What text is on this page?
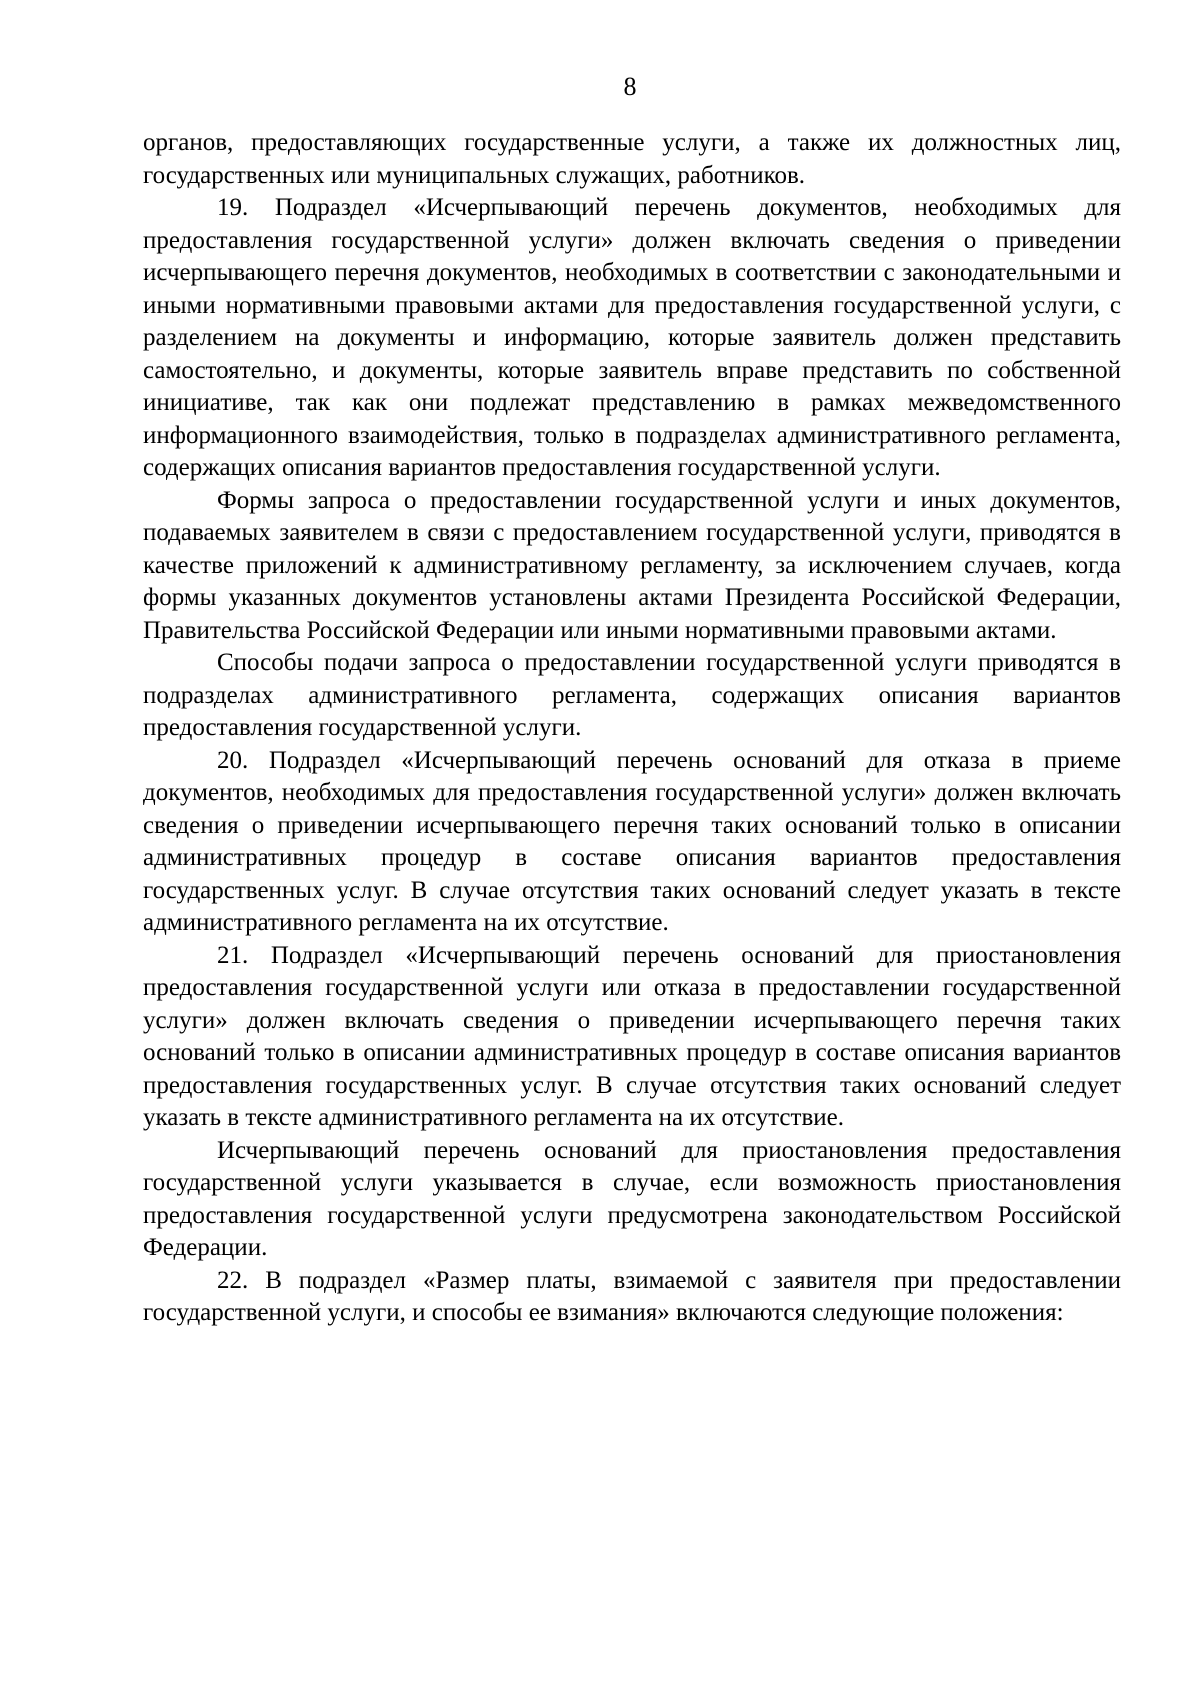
8

органов, предоставляющих государственные услуги, а также их должностных лиц, государственных или муниципальных служащих, работников.

19. Подраздел «Исчерпывающий перечень документов, необходимых для предоставления государственной услуги» должен включать сведения о приведении исчерпывающего перечня документов, необходимых в соответствии с законодательными и иными нормативными правовыми актами для предоставления государственной услуги, с разделением на документы и информацию, которые заявитель должен представить самостоятельно, и документы, которые заявитель вправе представить по собственной инициативе, так как они подлежат представлению в рамках межведомственного информационного взаимодействия, только в подразделах административного регламента, содержащих описания вариантов предоставления государственной услуги.

Формы запроса о предоставлении государственной услуги и иных документов, подаваемых заявителем в связи с предоставлением государственной услуги, приводятся в качестве приложений к административному регламенту, за исключением случаев, когда формы указанных документов установлены актами Президента Российской Федерации, Правительства Российской Федерации или иными нормативными правовыми актами.

Способы подачи запроса о предоставлении государственной услуги приводятся в подразделах административного регламента, содержащих описания вариантов предоставления государственной услуги.

20. Подраздел «Исчерпывающий перечень оснований для отказа в приеме документов, необходимых для предоставления государственной услуги» должен включать сведения о приведении исчерпывающего перечня таких оснований только в описании административных процедур в составе описания вариантов предоставления государственных услуг. В случае отсутствия таких оснований следует указать в тексте административного регламента на их отсутствие.

21. Подраздел «Исчерпывающий перечень оснований для приостановления предоставления государственной услуги или отказа в предоставлении государственной услуги» должен включать сведения о приведении исчерпывающего перечня таких оснований только в описании административных процедур в составе описания вариантов предоставления государственных услуг. В случае отсутствия таких оснований следует указать в тексте административного регламента на их отсутствие.

Исчерпывающий перечень оснований для приостановления предоставления государственной услуги указывается в случае, если возможность приостановления предоставления государственной услуги предусмотрена законодательством Российской Федерации.

22. В подраздел «Размер платы, взимаемой с заявителя при предоставлении государственной услуги, и способы ее взимания» включаются следующие положения:
